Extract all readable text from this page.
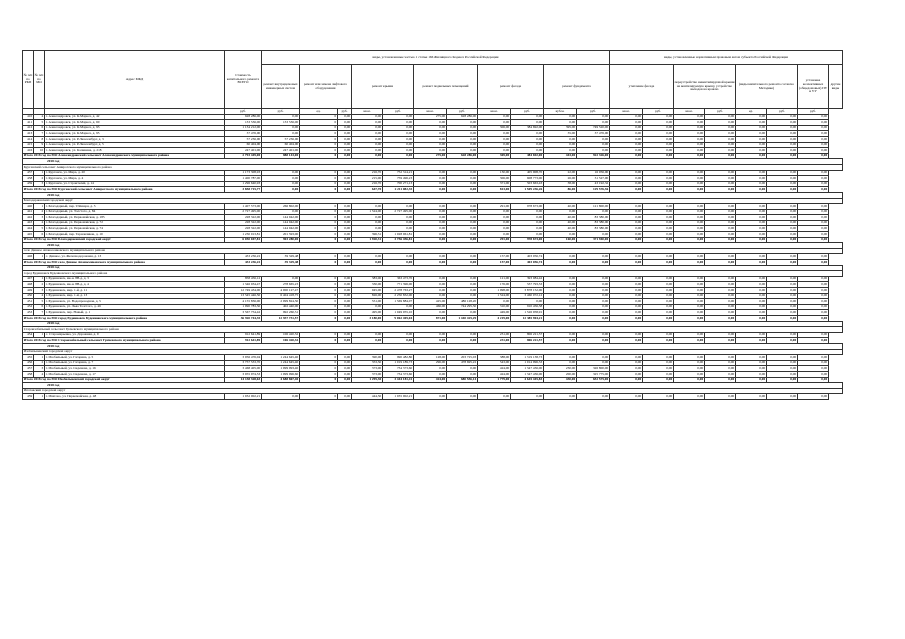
№ п/п по РКП	№ п/п по МО	Адрес МКД	Стоимость капитального ремонта ВСЕГО	виды, установленные частью 1 статьи 166 Жилищного Кодекса Российской Федерации											виды, установленные нормативным правовым актом субъекта Российской Федерации							
				ремонт внутридомовых инженерных систем	ремонт или замена лифтового оборудования		ремонт крыши		ремонт подвальных помещений		ремонт фасада		ремонт фундамента		утепление фасада		переустройство невентилируемой крыши на вентилируемую крышу, устройство выходов на кровлю		(виды капитального ремонта согласно Методике)		установка коллективных (общедомовых) ПУ и УУ	другие виды
			руб.	руб.	ед.	руб.	кв.м.	руб.	кв.м.	руб.	кв.м.	руб.	куб.м.	руб.	кв.м.	руб.	кв.м.	руб.	ед.	руб.	руб.	
410	4	г. Александровск, ул. К.Маркса, д. 42	628 286,00	0,00	0	0,00	0,00	0,00	275,00	628 286,00	0,00	0,00	0,00	0,00	0,00	0,00	0,00	0,00	0,00	0,00	0,00	
411	5	г. Александровск, ул. К.Маркса, д. 60	133 536,00	133 536,00	0	0,00	0,00	0,00	0,00	0,00	0,00	0,00	0,00	0,00	0,00	0,00	0,00	0,00	0,00	0,00	0,00	
412	6	г. Александровск, ул. К.Маркса, д. 93	1 134 212,00	0,00	0	0,00	0,00	0,00	0,00	0,00	306,00	384 692,00	395,00	749 520,00	0,00	0,00	0,00	0,00	0,00	0,00	0,00	
413	7	г. Александровск, ул. К.Маркса, д. 95	37 476,00	0,00	0	0,00	0,00	0,00	0,00	0,00	0,00	0,00	35,00	37 476,00	0,00	0,00	0,00	0,00	0,00	0,00	0,00	
414	8	г. Александровск, ул. Р.Люксембург, д. 3	57 236,00	57 236,00	0	0,00	0,00	0,00	0,00	0,00	0,00	0,00	0,00	0,00	0,00	0,00	0,00	0,00	0,00	0,00	0,00	
415	9	г. Александровск, ул. Р.Люксембург, д. 5	60 404,00	60 404,00	0	0,00	0,00	0,00	0,00	0,00	0,00	0,00	0,00	0,00	0,00	0,00	0,00	0,00	0,00	0,00	0,00	
416	10	г. Александровск, ул. Калинина, д. 218	247 401,00	247 401,00	0	0,00	0,00	0,00	0,00	0,00	0,00	0,00	0,00	0,00	0,00	0,00	0,00	0,00	0,00	0,00	0,00	
Итого 2018 год по МО Александровский сельсовет Александровского муниципального района			2 793 449,00	888 143,00	0	0,00	0,00	0,00	275,00	628 286,00	369,00	484 692,00	443,00	922 326,00	0,00	0,00	0,00	0,00	0,00	0,00	0,00	
2018 год																						
Курганский сельсовет Аширогского муниципального района																						
437	1	г. Курганск, ул. Мира, д. 20	1 173 308,93	0,00	0	0,00	216,70	752 314,21	0,00	0,00	130,00	405 908,70	22,00	16 056,00	0,00	0,00	0,00	0,00	0,00	0,00	0,00	
438	2	г. Курганск, ул. Мира, д. 4	1 400 787,00	0,00	0	0,00	215,00	759 496,23	0,00	0,00	306,00	608 773,00	26,00	31 527,00	0,00	0,00	0,00	0,00	0,00	0,00	0,00	
439	3	г. Курганск, ул. Строителей, д. 14	1 296 640,93	0,00	0	0,00	216,70	700 271,13	0,00	0,00	371,00	503 663,43	38,00	43 192,32	0,00	0,00	0,00	0,00	0,00	0,00	0,00	
Итого 2018 год по МО Курганский сельсовет Аширогского муниципального района			3 858 715,77	0,00	0	0,00	647,70	2 211 082,35	0,00	0,00	813,00	1 509 236,26	86,00	129 576,36	0,00	0,00	0,00	0,00	0,00	0,00	0,00	
2018 год																						
Благодарненский городской округ																						
440	1	г. Благодарный, пер. 9 Января, д. 3	1 407 573,00	266 802,00	0	0,00	0,00	0,00	0,00	0,00	291,00	978 673,00	40,00	121 800,00	0,00	0,00	0,00	0,00	0,00	0,00	0,00	
441	2	г. Благодарный, ул. Толстого, д. 84	2 727 495,00	0,00	0	0,00	1 524,00	2 727 495,00	0,00	0,00	0,00	0,00	0,00	0,00	0,00	0,00	0,00	0,00	0,00	0,00	0,00	
442	3	г. Благодарный, ул. Первомайская, д. 185	228 322,00	144 942,00	0	0,00	0,00	0,00	0,00	0,00	0,00	0,00	40,00	83 380,00	0,00	0,00	0,00	0,00	0,00	0,00	0,00	
443	4	г. Благодарный, ул. Первомайская, д. 72	228 322,00	144 942,00	0	0,00	0,00	0,00	0,00	0,00	0,00	0,00	40,00	83 380,00	0,00	0,00	0,00	0,00	0,00	0,00	0,00	
444	5	г. Благодарный, ул. Первомайская, д. 74	228 322,00	144 942,00	0	0,00	0,00	0,00	0,00	0,00	0,00	0,00	40,00	83 380,00	0,00	0,00	0,00	0,00	0,00	0,00	0,00	
445	6	г. Благодарный, пер. Терновчиков, д. 10	1 230 013,81	201 593,00	0	0,00	396,31	1 028 961,81	0,00	0,00	0,00	0,00	0,00	0,00	0,00	0,00	0,00	0,00	0,00	0,00	0,00	
Итого 2018 год по МО Благодарненский городской округ			6 050 047,81	903 280,00	0	0,00	1 920,31	3 756 456,81	0,00	0,00	291,00	978 673,00	160,00	371 940,00	0,00	0,00	0,00	0,00	0,00	0,00	0,00	
2018 год																						
село Дивное Апанасенковского муниципального района																						
446	1	с. Дивное, ул. Железнодорожная, д. 13	433 236,22	39 329,48	0	0,00	0,00	0,00	0,00	0,00	157,00	403 056,74	0,00	0,00	0,00	0,00	0,00	0,00	0,00	0,00	0,00	
Итого 2018 год по МО село Дивное Апанасенковского муниципального района			433 236,22	39 329,48	0	0,00	0,00	0,00	0,00	0,00	157,00	403 056,74	0,00	0,00	0,00	0,00	0,00	0,00	0,00	0,00	0,00	
2018 год																						
город Буденновск Буденновского муниципального района																						
447	1	г. Буденновск, мк-н. 8В-д, д. 3	858 456,12	0,00	0	0,00	383,00	363 473,70	0,00	0,00	121,00	393 984,42	0,00	0,00	0,00	0,00	0,00	0,00	0,00	0,00	0,00	
448	2	г. Буденновск, мк-н. 8В-д, д. 4	1 346 034,47	278 665,23	0	0,00	330,00	771 396,00	0,00	0,00	176,00	537 793,33	0,00	0,00	0,00	0,00	0,00	0,00	0,00	0,00	0,00	
449	3	г. Буденновск, мкр. 1-й, д. 11	12 749 434,00	4 000 127,47	0	0,00	945,00	2 478 763,27	0,00	0,00	1 998,00	3 878 152,00	0,00	0,00	0,00	0,00	0,00	0,00	0,00	0,00	0,00	
450	4	г. Буденновск, мкр. 1-й, д. 13	13 545 446,50	6 404 418,75	0	0,00	826,00	2 250 832,00	0,00	0,00	1 524,00	3 460 072,12	0,00	0,00	0,00	0,00	0,00	0,00	0,00	0,00	0,00	
451	5	г. Буденновск, ул. Водопроводная, д. 5	4 155 836,00	2 099 824,30	0	0,00	551,00	1 569 884,07	425,00	486 128,20	0,00	0,00	0,00	0,00	0,00	0,00	0,00	0,00	0,00	0,00	0,00	
452	6	г. Буденновск, ул. Льва Толстого, д. 46	1 990 783,30	402 440,00	0	0,00	0,00	0,00	466,00	744 295,30	310,00	910 456,38	0,00	0,00	0,00	0,00	0,00	0,00	0,00	0,00	0,00	
453	7	г. Буденновск, пер. Новый, д. 1	3 567 754,42	992 260,31	0	0,00	495,00	1 049 055,10	0,00	0,00	449,00	1 526 958,91	0,00	0,00	0,00	0,00	0,00	0,00	0,00	0,00	0,00	
Итого 2018 год по МО город Буденновск Буденновского муниципального района			36 920 744,35	12 937 731,57	0	0,00	3 180,00	9 062 405,04	871,00	1 440 425,29	4 219,00	12 385 904,21	0,00	0,00	0,00	0,00	0,00	0,00	0,00	0,00	0,00	
2018 год																						
Староизобильный сельсовет Грачевского муниципального района																						
454	1	с. Старомарьевка, ул. Дорожная, д. 9	912 641,89	106 420,32	0	0,00	0,00	0,00	0,00	0,00	231,00	806 221,57	0,00	0,00	0,00	0,00	0,00	0,00	0,00	0,00	0,00	
Итого 2018 год по МО Староизобильный сельсовет Грачевского муниципального района			912 641,89	106 420,32	0	0,00	0,00	0,00	0,00	0,00	231,00	806 221,57	0,00	0,00	0,00	0,00	0,00	0,00	0,00	0,00	0,00	
2018 год																						
Изобильненский городской округ																						
455	1	г. Изобильный, ул. Гагарина, д. 5	3 956 476,04	1 244 645,40	0	0,00	390,00	990 482,80	128,00	203 725,03	388,00	1 319 138,73	0,00	0,00	0,00	0,00	0,00	0,00	0,00	0,00	0,00	
456	2	г. Изобильный, ул. Гагарина, д. 7	3 757 533,70	1 244 645,40	0	0,00	353,30	1 019 189,73	296,00	478 695,22	543,00	1 014 996,33	0,00	0,00	0,00	0,00	0,00	0,00	0,00	0,00	0,00	
457	3	г. Изобильный, ул. Сиденова, д. 16	3 468 405,00	1 099 993,40	0	0,00	373,00	734 373,60	0,00	0,00	424,00	1 347 436,00	230,00	326 800,00	0,00	0,00	0,00	0,00	0,00	0,00	0,00	
458	4	г. Изобильный, ул. Сиденова, д. 17	3 955 974,53	1 099 996,60	0	0,00	373,00	734 373,60	0,00	0,00	424,00	1 347 436,00	200,00	325 775,00	0,00	0,00	0,00	0,00	0,00	0,00	0,00	
Итого 2018 год по МО Изобильненский городской округ			14 138 328,63	4 688 867,40	0	0,00	1 295,30	3 444 181,41	424,00	680 556,14	1 779,00	4 645 445,83	430,00	652 575,00	0,00	0,00	0,00	0,00	0,00	0,00	0,00	
2018 год																						
Ипатовский городской округ																						
459	1	г. Ипатово, ул. Первомайская, д. 48	1 932 002,21	0,00	0	0,00	444,30	1 935 902,21	0,00	0,00	0,00	0,00	0,00	0,00	0,00	0,00	0,00	0,00	0,00	0,00	0,00	
